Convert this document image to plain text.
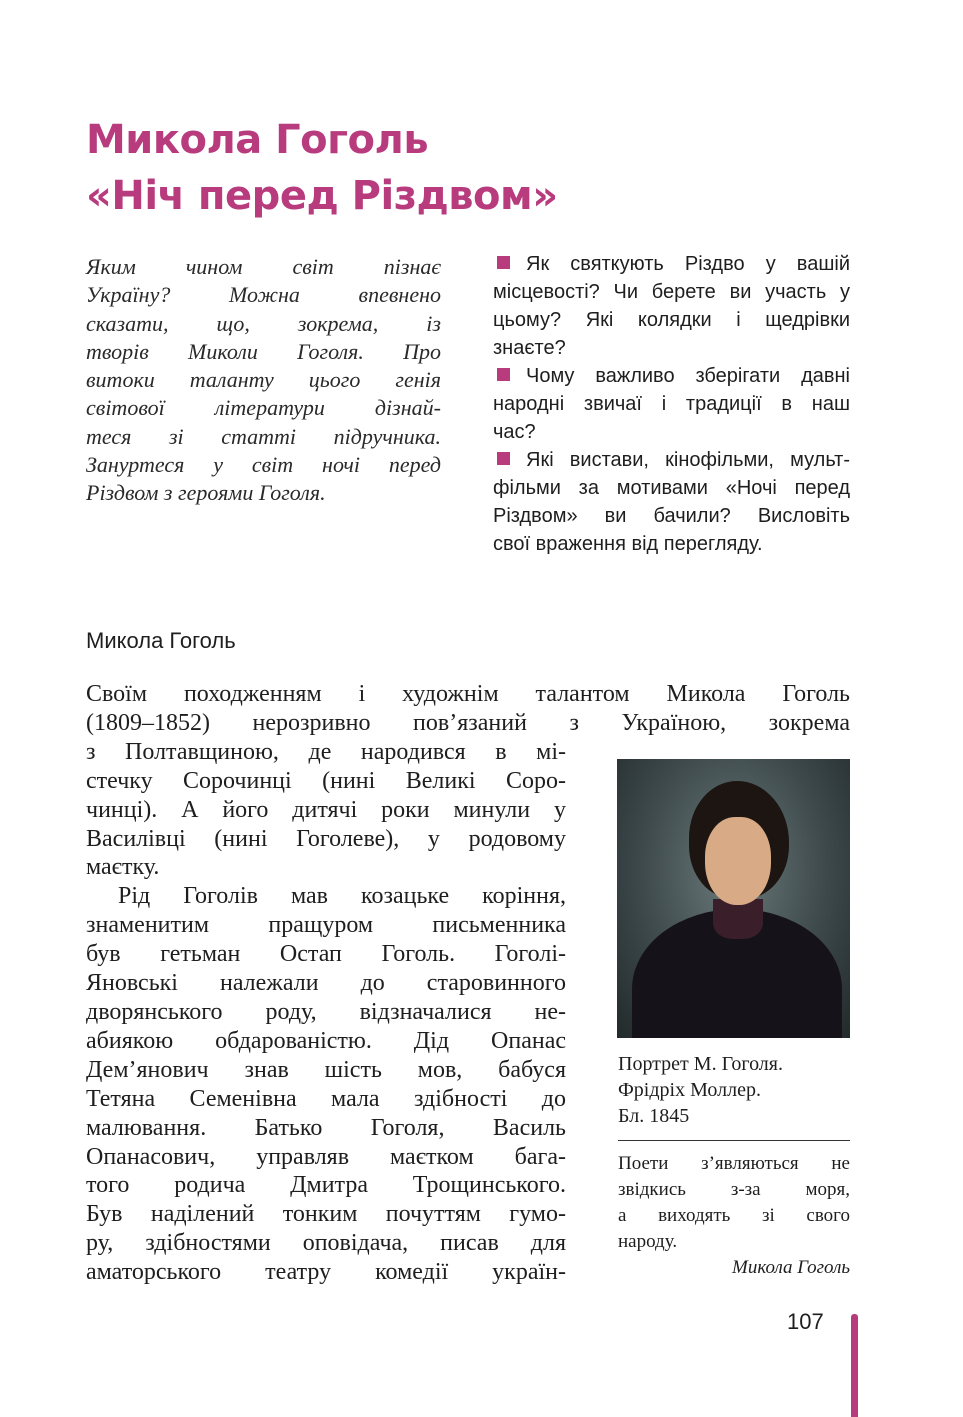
Микола Гоголь
«Ніч перед Різдвом»

Яким чином світ пізнає
Україну? Можна впевнено
сказати, що, зокрема, із
творів Миколи Гоголя. Про
витоки таланту цього генія
світової літератури дізнай-
теся зі статті підручника.
Зануртеся у світ ночі перед
Різдвом з героями Гоголя.

Як святкують Різдво у вашій
місцевості? Чи берете ви участь у
цьому? Які колядки і щедрівки
знаєте?
Чому важливо зберігати давні
народні звичаї і традиції в наш
час?
Які вистави, кінофільми, мульт-
фільми за мотивами «Ночі перед
Різдвом» ви бачили? Висловіть
свої враження від перегляду.
Микола Гоголь

Своїм походженням і художнім талантом Микола Гоголь
(1809–1852) нерозривно пов’язаний з Україною, зокрема
з Полтавщиною, де народився в мі-
стечку Сорочинці (нині Великі Соро-
чинці). А його дитячі роки минули у
Василівці (нині Гоголеве), у родовому
маєтку.
Рід Гоголів мав козацьке коріння,
знаменитим пращуром письменника
був гетьман Остап Гоголь. Гоголі-
Яновські належали до старовинного
дворянського роду, відзначалися не-
абиякою обдарованістю. Дід Опанас
Дем’янович знав шість мов, бабуся
Тетяна Семенівна мала здібності до
малювання. Батько Гоголя, Василь
Опанасович, управляв маєтком бага-
того родича Дмитра Трощинського.
Був наділений тонким почуттям гумо-
ру, здібностями оповідача, писав для
аматорського театру комедії україн-

Портрет М. Гоголя.
Фрідріх Моллер.
Бл. 1845

Поети з’являються не
звідкись з-за моря,
а виходять зі свого
народу.
Микола Гоголь

107
